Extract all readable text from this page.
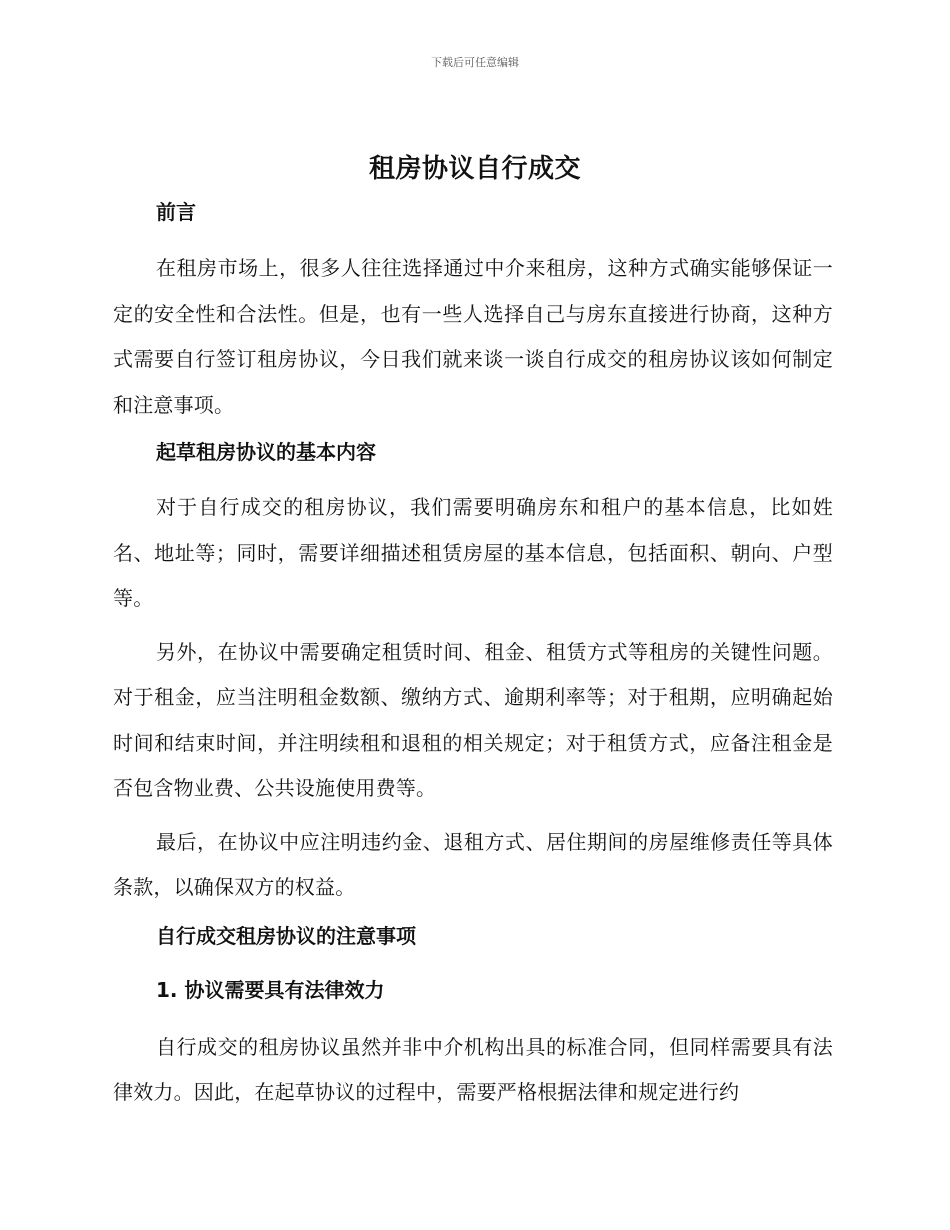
下载后可任意编辑
租房协议自行成交

前言

在租房市场上，很多人往往选择通过中介来租房，这种方式确实能够保证一定的安全性和合法性。但是，也有一些人选择自己与房东直接进行协商，这种方式需要自行签订租房协议，今日我们就来谈一谈自行成交的租房协议该如何制定和注意事项。

起草租房协议的基本内容

对于自行成交的租房协议，我们需要明确房东和租户的基本信息，比如姓名、地址等；同时，需要详细描述租赁房屋的基本信息，包括面积、朝向、户型等。

另外，在协议中需要确定租赁时间、租金、租赁方式等租房的关键性问题。对于租金，应当注明租金数额、缴纳方式、逾期利率等；对于租期，应明确起始时间和结束时间，并注明续租和退租的相关规定；对于租赁方式，应备注租金是否包含物业费、公共设施使用费等。

最后，在协议中应注明违约金、退租方式、居住期间的房屋维修责任等具体条款，以确保双方的权益。

自行成交租房协议的注意事项

1. 协议需要具有法律效力

自行成交的租房协议虽然并非中介机构出具的标准合同，但同样需要具有法律效力。因此，在起草协议的过程中，需要严格根据法律和规定进行约
